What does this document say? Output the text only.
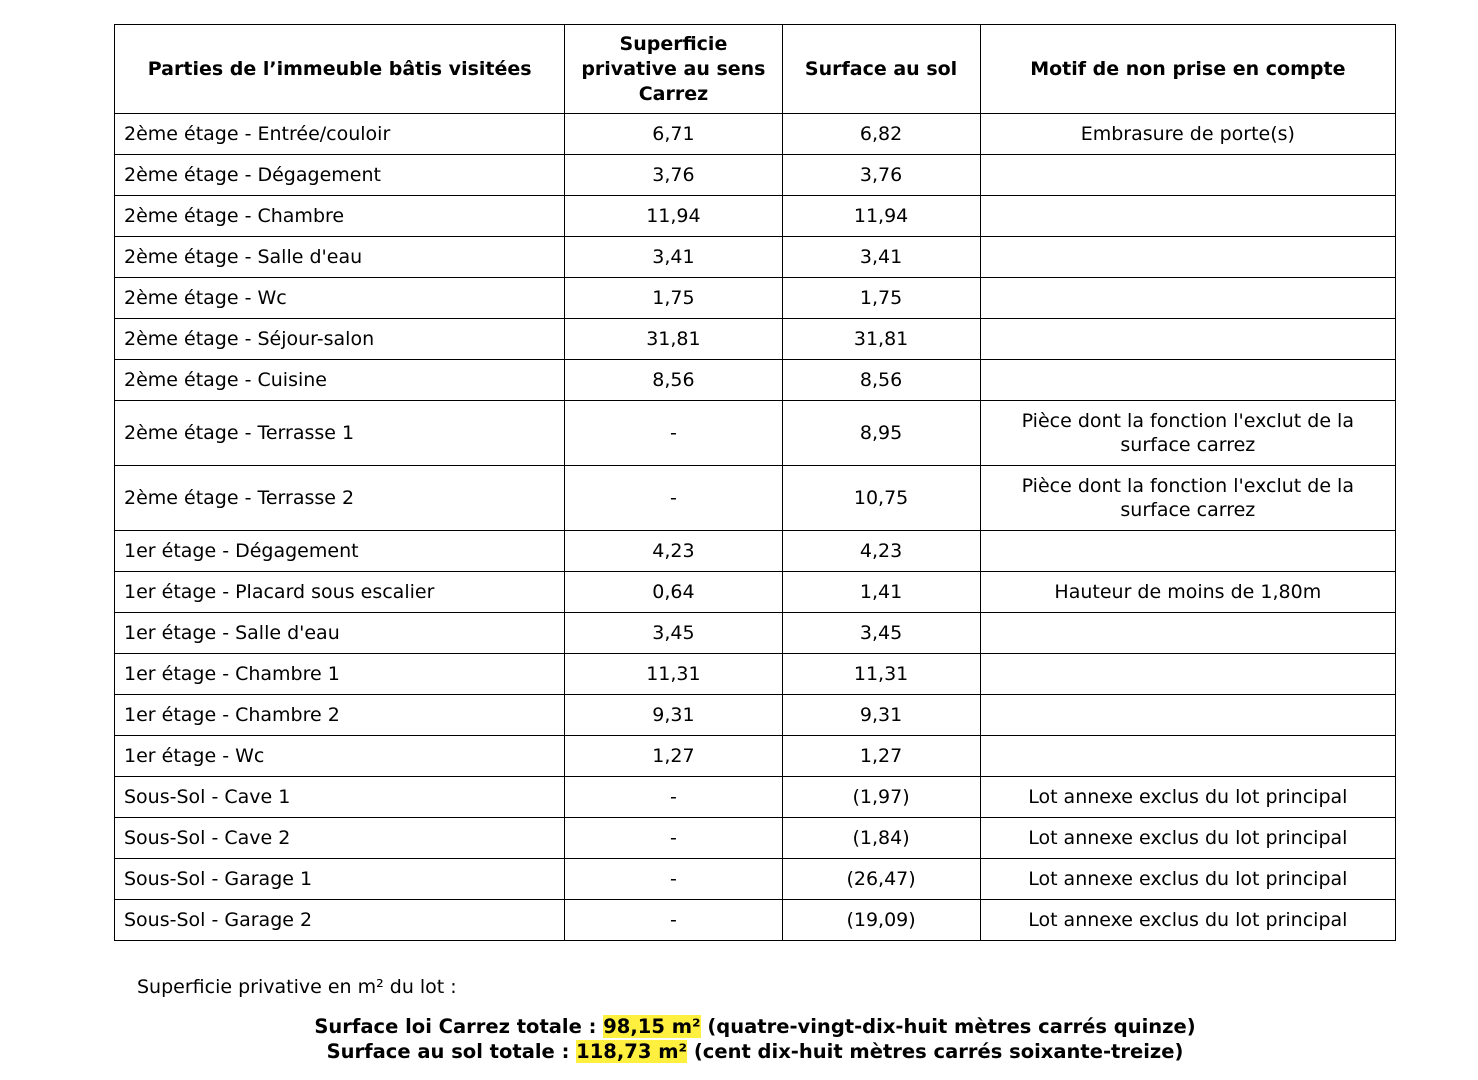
Parties de l’immeuble bâtis visitées	Superficie privative au sens Carrez	Surface au sol	Motif de non prise en compte
2ème étage - Entrée/couloir	6,71	6,82	Embrasure de porte(s)
2ème étage - Dégagement	3,76	3,76	
2ème étage - Chambre	11,94	11,94	
2ème étage - Salle d'eau	3,41	3,41	
2ème étage - Wc	1,75	1,75	
2ème étage - Séjour-salon	31,81	31,81	
2ème étage - Cuisine	8,56	8,56	
2ème étage - Terrasse 1	-	8,95	Pièce dont la fonction l'exclut de la surface carrez
2ème étage - Terrasse 2	-	10,75	Pièce dont la fonction l'exclut de la surface carrez
1er étage - Dégagement	4,23	4,23	
1er étage - Placard sous escalier	0,64	1,41	Hauteur de moins de 1,80m
1er étage - Salle d'eau	3,45	3,45	
1er étage - Chambre 1	11,31	11,31	
1er étage - Chambre 2	9,31	9,31	
1er étage - Wc	1,27	1,27	
Sous-Sol - Cave 1	-	(1,97)	Lot annexe exclus du lot principal
Sous-Sol - Cave 2	-	(1,84)	Lot annexe exclus du lot principal
Sous-Sol - Garage 1	-	(26,47)	Lot annexe exclus du lot principal
Sous-Sol - Garage 2	-	(19,09)	Lot annexe exclus du lot principal
Superficie privative en m² du lot :
Surface loi Carrez totale : 98,15 m² (quatre-vingt-dix-huit mètres carrés quinze)
Surface au sol totale : 118,73 m² (cent dix-huit mètres carrés soixante-treize)
